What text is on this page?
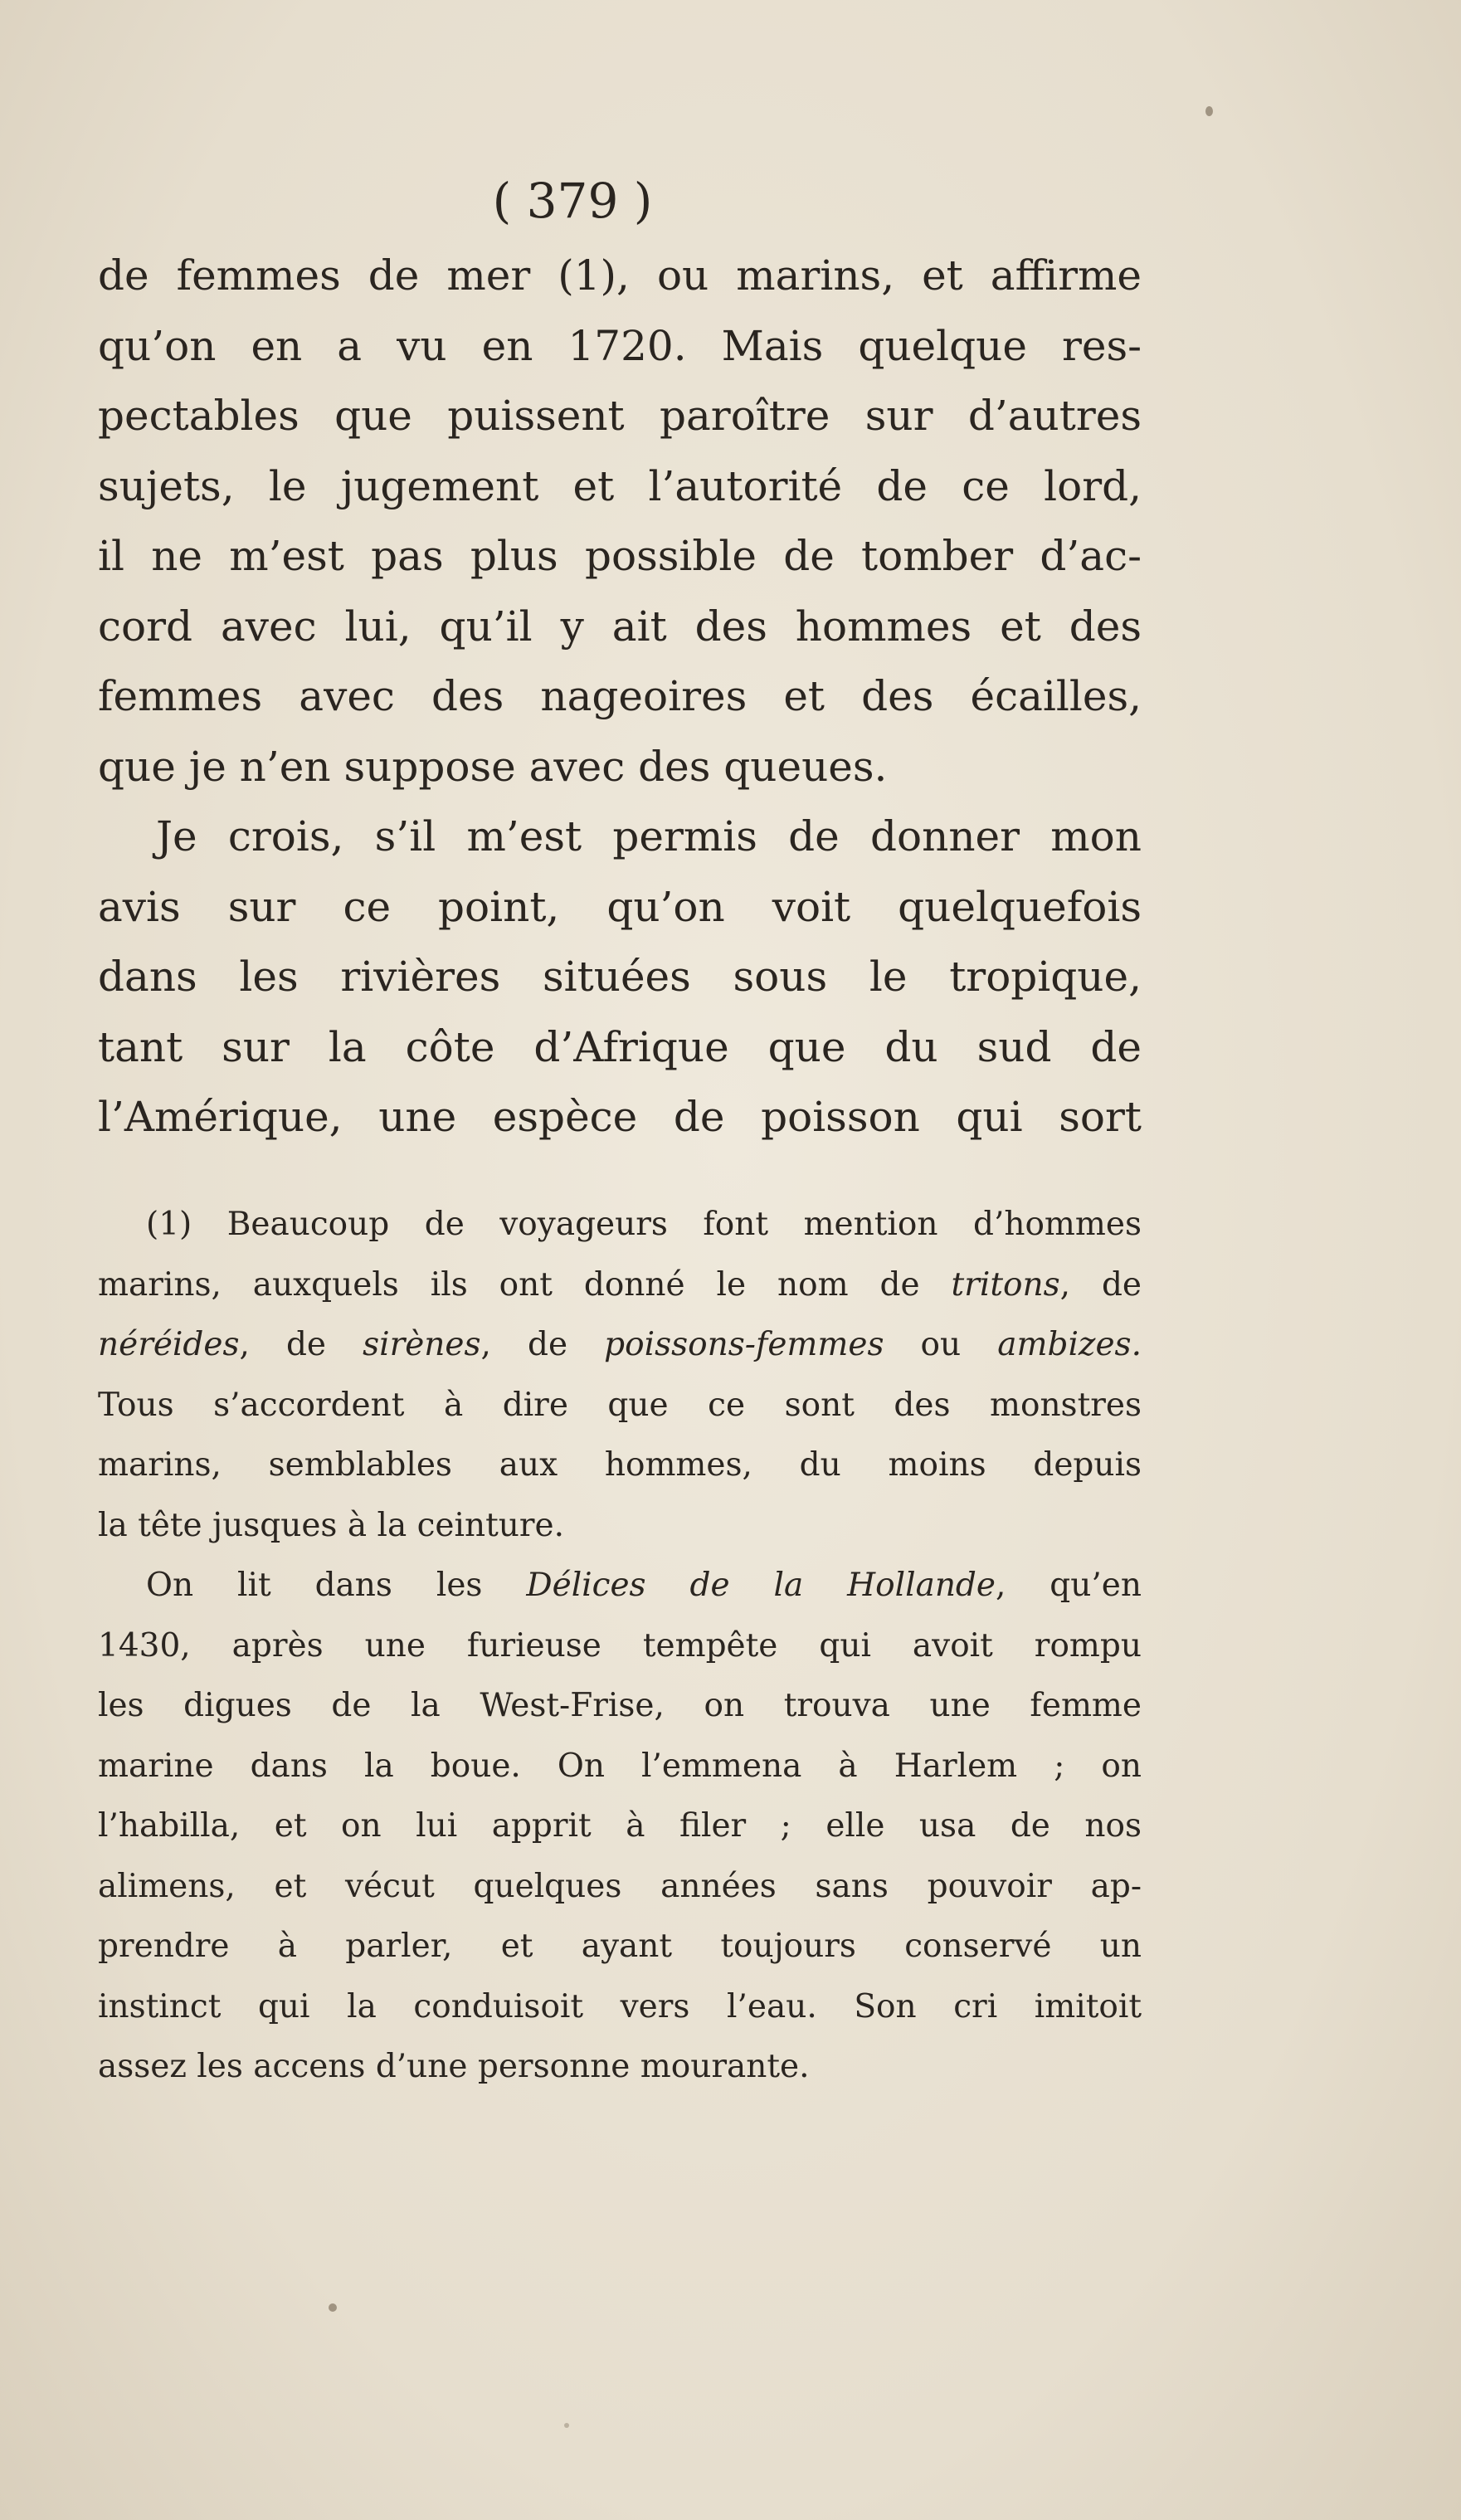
( 379 )
de femmes de mer (1), ou marins, et affirme
qu’on en a vu en 1720. Mais quelque res-
pectables que puissent paroître sur d’autres
sujets, le jugement et l’autorité de ce lord,
il ne m’est pas plus possible de tomber d’ac-
cord avec lui, qu’il y ait des hommes et des
femmes avec des nageoires et des écailles,
que je n’en suppose avec des queues.
Je crois, s’il m’est permis de donner mon
avis sur ce point, qu’on voit quelquefois
dans les rivières situées sous le tropique,
tant sur la côte d’Afrique que du sud de
l’Amérique, une espèce de poisson qui sort
(1) Beaucoup de voyageurs font mention d’hommes
marins, auxquels ils ont donné le nom de tritons, de
néréides, de sirènes, de poissons-femmes ou ambizes.
Tous s’accordent à dire que ce sont des monstres
marins, semblables aux hommes, du moins depuis
la tête jusques à la ceinture.
On lit dans les Délices de la Hollande, qu’en
1430, après une furieuse tempête qui avoit rompu
les digues de la West-Frise, on trouva une femme
marine dans la boue. On l’emmena à Harlem ; on
l’habilla, et on lui apprit à filer ; elle usa de nos
alimens, et vécut quelques années sans pouvoir ap-
prendre à parler, et ayant toujours conservé un
instinct qui la conduisoit vers l’eau. Son cri imitoit
assez les accens d’une personne mourante.
